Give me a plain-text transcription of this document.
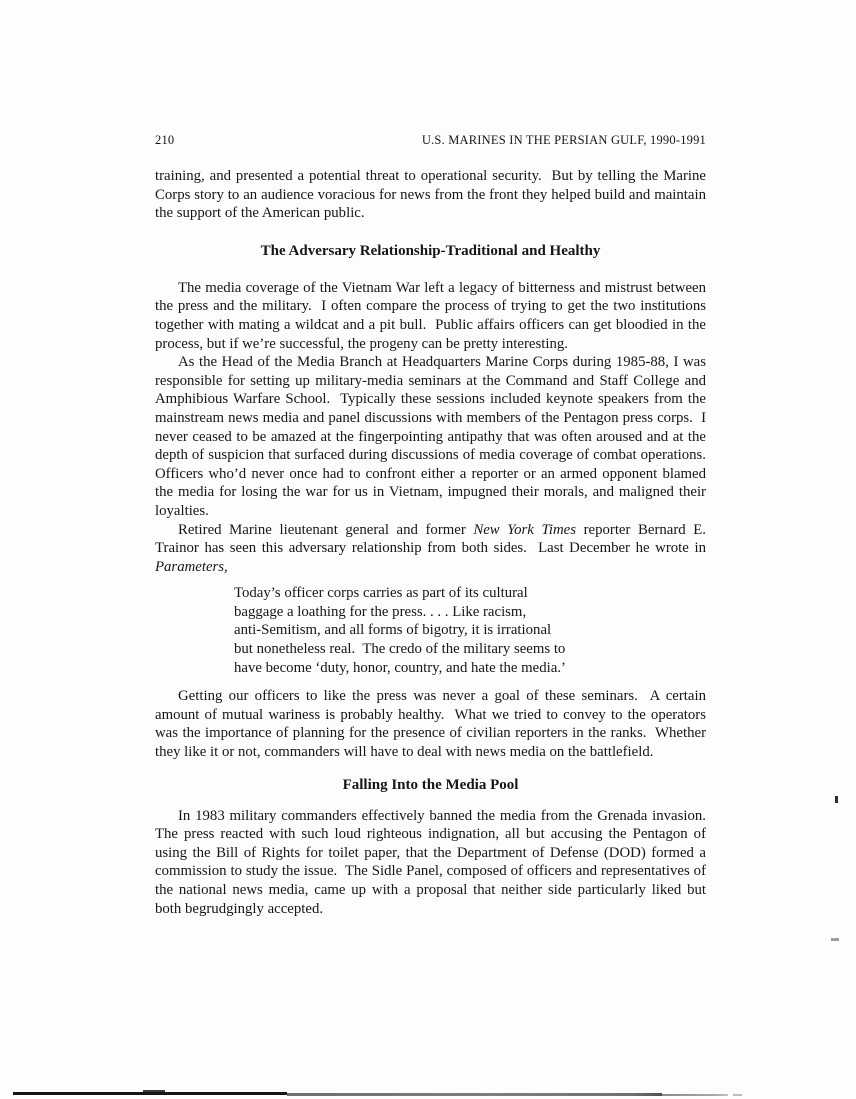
210	U.S. MARINES IN THE PERSIAN GULF, 1990-1991

training, and presented a potential threat to operational security.  But by telling the Marine Corps story to an audience voracious for news from the front they helped build and maintain the support of the American public.

The Adversary Relationship-Traditional and Healthy

The media coverage of the Vietnam War left a legacy of bitterness and mistrust between the press and the military.  I often compare the process of trying to get the two institutions together with mating a wildcat and a pit bull.  Public affairs officers can get bloodied in the process, but if we’re successful, the progeny can be pretty interesting.

As the Head of the Media Branch at Headquarters Marine Corps during 1985-88, I was responsible for setting up military-media seminars at the Command and Staff College and Amphibious Warfare School.  Typically these sessions included keynote speakers from the mainstream news media and panel discussions with members of the Pentagon press corps.  I never ceased to be amazed at the fingerpointing antipathy that was often aroused and at the depth of suspicion that surfaced during discussions of media coverage of combat operations.  Officers who’d never once had to confront either a reporter or an armed opponent blamed the media for losing the war for us in Vietnam, impugned their morals, and maligned their loyalties.

Retired Marine lieutenant general and former New York Times reporter Bernard E. Trainor has seen this adversary relationship from both sides.  Last December he wrote in Parameters,

Today’s officer corps carries as part of its cultural
baggage a loathing for the press. . . . Like racism,
anti-Semitism, and all forms of bigotry, it is irrational
but nonetheless real.  The credo of the military seems to
have become ‘duty, honor, country, and hate the media.’

Getting our officers to like the press was never a goal of these seminars.  A certain amount of mutual wariness is probably healthy.  What we tried to convey to the operators was the importance of planning for the presence of civilian reporters in the ranks.  Whether they like it or not, commanders will have to deal with news media on the battlefield.

Falling Into the Media Pool

In 1983 military commanders effectively banned the media from the Grenada invasion.  The press reacted with such loud righteous indignation, all but accusing the Pentagon of using the Bill of Rights for toilet paper, that the Department of Defense (DOD) formed a commission to study the issue.  The Sidle Panel, composed of officers and representatives of the national news media, came up with a proposal that neither side particularly liked but both begrudgingly accepted.
